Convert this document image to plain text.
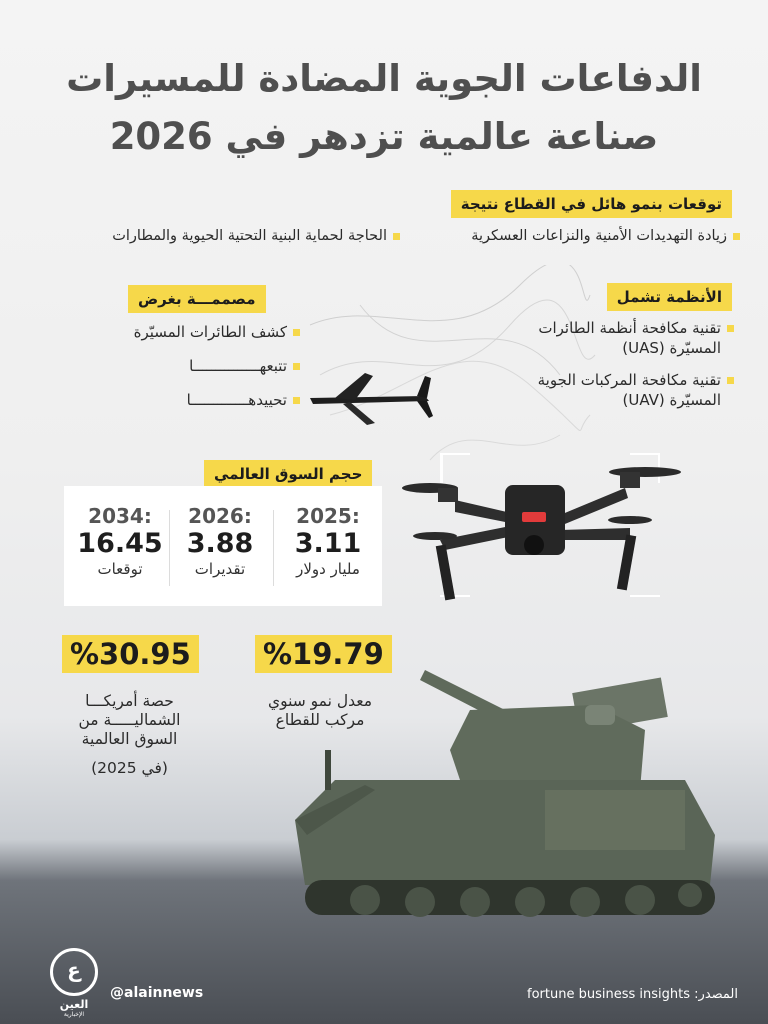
الدفاعات الجوية المضادة للمسيرات
صناعة عالمية تزدهر في 2026
توقعات بنمو هائل في القطاع نتيجة
زيادة التهديدات الأمنية والنزاعات العسكرية
الحاجة لحماية البنية التحتية الحيوية والمطارات
مصممـــة بغرض
كشف الطائرات المسيّرة
تتبعهـــــــــــــــا
تحييدهـــــــــــــا
الأنظمة تشمل
تقنية مكافحة أنظمة الطائرات
المسيّرة (UAS)
تقنية مكافحة المركبات الجوية
المسيّرة (UAV)
حجم السوق العالمي
2025:
3.11
مليار دولار
2026:
3.88
تقديرات
2034:
16.45
توقعات
%19.79
معدل نمو سنوي
مركب للقطاع
%30.95
حصة أمريكـــا
الشماليـــــة من
السوق العالمية
(في 2025)
ع
العين
الإخبارية
@alainnews	المصدر: fortune business insights
